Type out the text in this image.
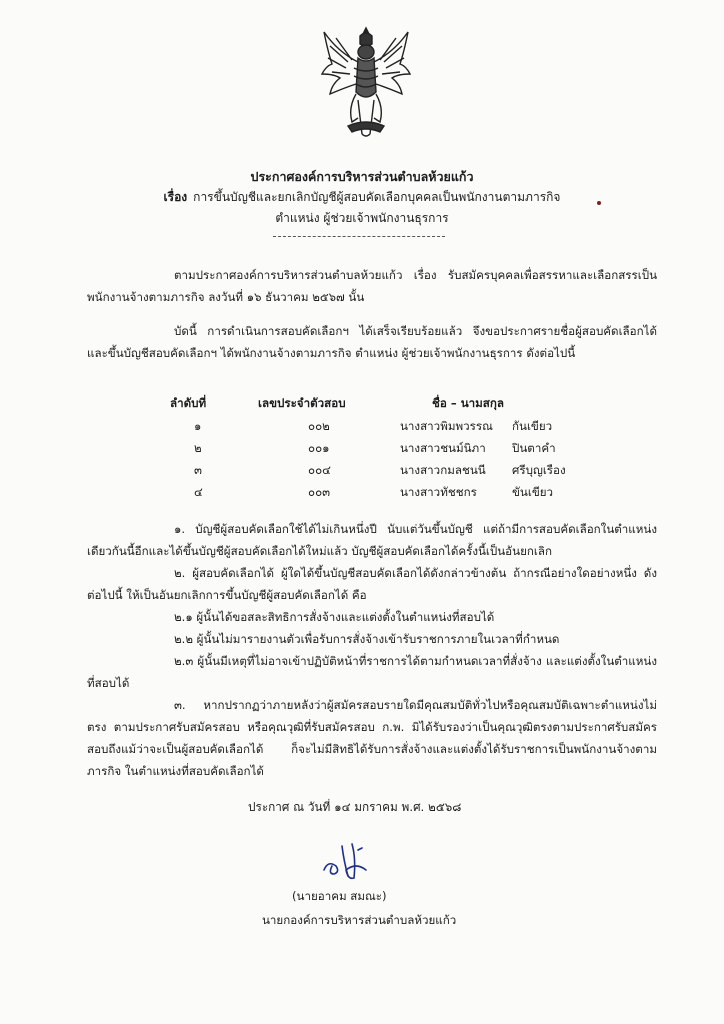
ประกาศองค์การบริหารส่วนตำบลห้วยแก้ว
เรื่อง การขึ้นบัญชีและยกเลิกบัญชีผู้สอบคัดเลือกบุคคลเป็นพนักงานตามภารกิจ
ตำแหน่ง ผู้ช่วยเจ้าพนักงานธุรการ
ตามประกาศองค์การบริหารส่วนตำบลห้วยแก้ว เรื่อง รับสมัครบุคคลเพื่อสรรหาและเลือกสรรเป็นพนักงานจ้างตามภารกิจ ลงวันที่ ๑๖ ธันวาคม ๒๕๖๗ นั้น
บัดนี้ การดำเนินการสอบคัดเลือกฯ ได้เสร็จเรียบร้อยแล้ว จึงขอประกาศรายชื่อผู้สอบคัดเลือกได้และขึ้นบัญชีสอบคัดเลือกฯ ได้พนักงานจ้างตามภารกิจ ตำแหน่ง ผู้ช่วยเจ้าพนักงานธุรการ ดังต่อไปนี้
ลำดับที่	เลขประจำตัวสอบ	ชื่อ – นามสกุล
๑	๐๐๒	นางสาวพิมพวรรณ กันเขียว
๒	๐๐๑	นางสาวชนม์นิภา ปินตาคำ
๓	๐๐๔	นางสาวกมลชนนี ศรีบุญเรือง
๔	๐๐๓	นางสาวทัชชกร	ขันเขียว
๑. บัญชีผู้สอบคัดเลือกใช้ได้ไม่เกินหนึ่งปี นับแต่วันขึ้นบัญชี แต่ถ้ามีการสอบคัดเลือกในตำแหน่งเดียวกันนี้อีกและได้ขึ้นบัญชีผู้สอบคัดเลือกได้ใหม่แล้ว บัญชีผู้สอบคัดเลือกได้ครั้งนี้เป็นอันยกเลิก
๒. ผู้สอบคัดเลือกได้ ผู้ใดได้ขึ้นบัญชีสอบคัดเลือกได้ดังกล่าวข้างต้น ถ้ากรณีอย่างใดอย่างหนึ่ง ดังต่อไปนี้ ให้เป็นอันยกเลิกการขึ้นบัญชีผู้สอบคัดเลือกได้ คือ
๒.๑ ผู้นั้นได้ขอสละสิทธิการสั่งจ้างและแต่งตั้งในตำแหน่งที่สอบได้
๒.๒ ผู้นั้นไม่มารายงานตัวเพื่อรับการสั่งจ้างเข้ารับราชการภายในเวลาที่กำหนด
๒.๓ ผู้นั้นมีเหตุที่ไม่อาจเข้าปฏิบัติหน้าที่ราชการได้ตามกำหนดเวลาที่สั่งจ้าง และแต่งตั้งในตำแหน่งที่สอบได้
๓. หากปรากฏว่าภายหลังว่าผู้สมัครสอบรายใดมีคุณสมบัติทั่วไปหรือคุณสมบัติเฉพาะตำแหน่งไม่ตรง ตามประกาศรับสมัครสอบ หรือคุณวุฒิที่รับสมัครสอบ ก.พ. มิได้รับรองว่าเป็นคุณวุฒิตรงตามประกาศรับสมัครสอบถึงแม้ว่าจะเป็นผู้สอบคัดเลือกได้ ก็จะไม่มีสิทธิได้รับการสั่งจ้างและแต่งตั้งได้รับราชการเป็นพนักงานจ้างตามภารกิจ ในตำแหน่งที่สอบคัดเลือกได้
ประกาศ ณ วันที่ ๑๔ มกราคม พ.ศ. ๒๕๖๘
(นายอาคม สมณะ)
นายกองค์การบริหารส่วนตำบลห้วยแก้ว
